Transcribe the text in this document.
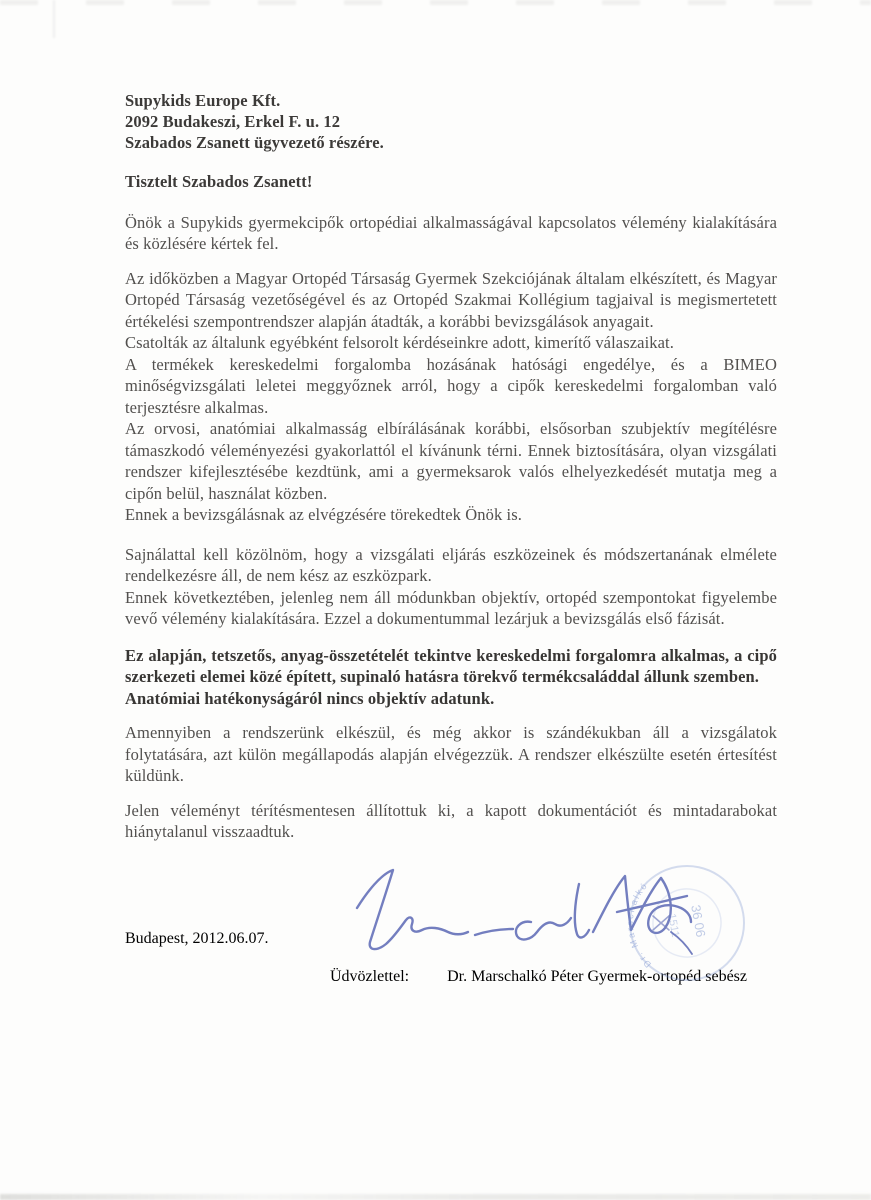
Supykids Europe Kft.
2092 Budakeszi, Erkel F. u. 12
Szabados Zsanett ügyvezető részére.
Tisztelt Szabados Zsanett!

Önök a Supykids gyermekcipők ortopédiai alkalmasságával kapcsolatos vélemény kialakítására és közlésére kértek fel.

Az időközben a Magyar Ortopéd Társaság Gyermek Szekciójának általam elkészített, és Magyar Ortopéd Társaság vezetőségével és az Ortopéd Szakmai Kollégium tagjaival is megismertetett értékelési szempontrendszer alapján átadták, a korábbi bevizsgálások anyagait.

Csatolták az általunk egyébként felsorolt kérdéseinkre adott, kimerítő válaszaikat.

A termékek kereskedelmi forgalomba hozásának hatósági engedélye, és a BIMEO minőségvizsgálati leletei meggyőznek arról, hogy a cipők kereskedelmi forgalomban való terjesztésre alkalmas.

Az orvosi, anatómiai alkalmasság elbírálásának korábbi, elsősorban szubjektív megítélésre támaszkodó véleményezési gyakorlattól el kívánunk térni. Ennek biztosítására, olyan vizsgálati rendszer kifejlesztésébe kezdtünk, ami a gyermeksarok valós elhelyezkedését mutatja meg a cipőn belül, használat közben.

Ennek a bevizsgálásnak az elvégzésére törekedtek Önök is.

Sajnálattal kell közölnöm, hogy a vizsgálati eljárás eszközeinek és módszertanának elmélete rendelkezésre áll, de nem kész az eszközpark.

Ennek következtében, jelenleg nem áll módunkban objektív, ortopéd szempontokat figyelembe vevő vélemény kialakítására. Ezzel a dokumentummal lezárjuk a bevizsgálás első fázisát.

Ez alapján, tetszetős, anyag-összetételét tekintve kereskedelmi forgalomra alkalmas, a cipő szerkezeti elemei közé épített, supinaló hatásra törekvő termékcsaláddal állunk szemben.

Anatómiai hatékonyságáról nincs objektív adatunk.

Amennyiben a rendszerünk elkészül, és még akkor is szándékukban áll a vizsgálatok folytatására, azt külön megállapodás alapján elvégezzük. A rendszer elkészülte esetén értesítést küldünk.

Jelen véleményt térítésmentesen állítottuk ki, a kapott dokumentációt és mintadarabokat hiánytalanul visszaadtuk.

Budapest, 2012.06.07.

Üdvözlettel: Dr. Marschalkó Péter Gyermek-ortopéd sebész
Dr. Marschalkó
36 06
1511
